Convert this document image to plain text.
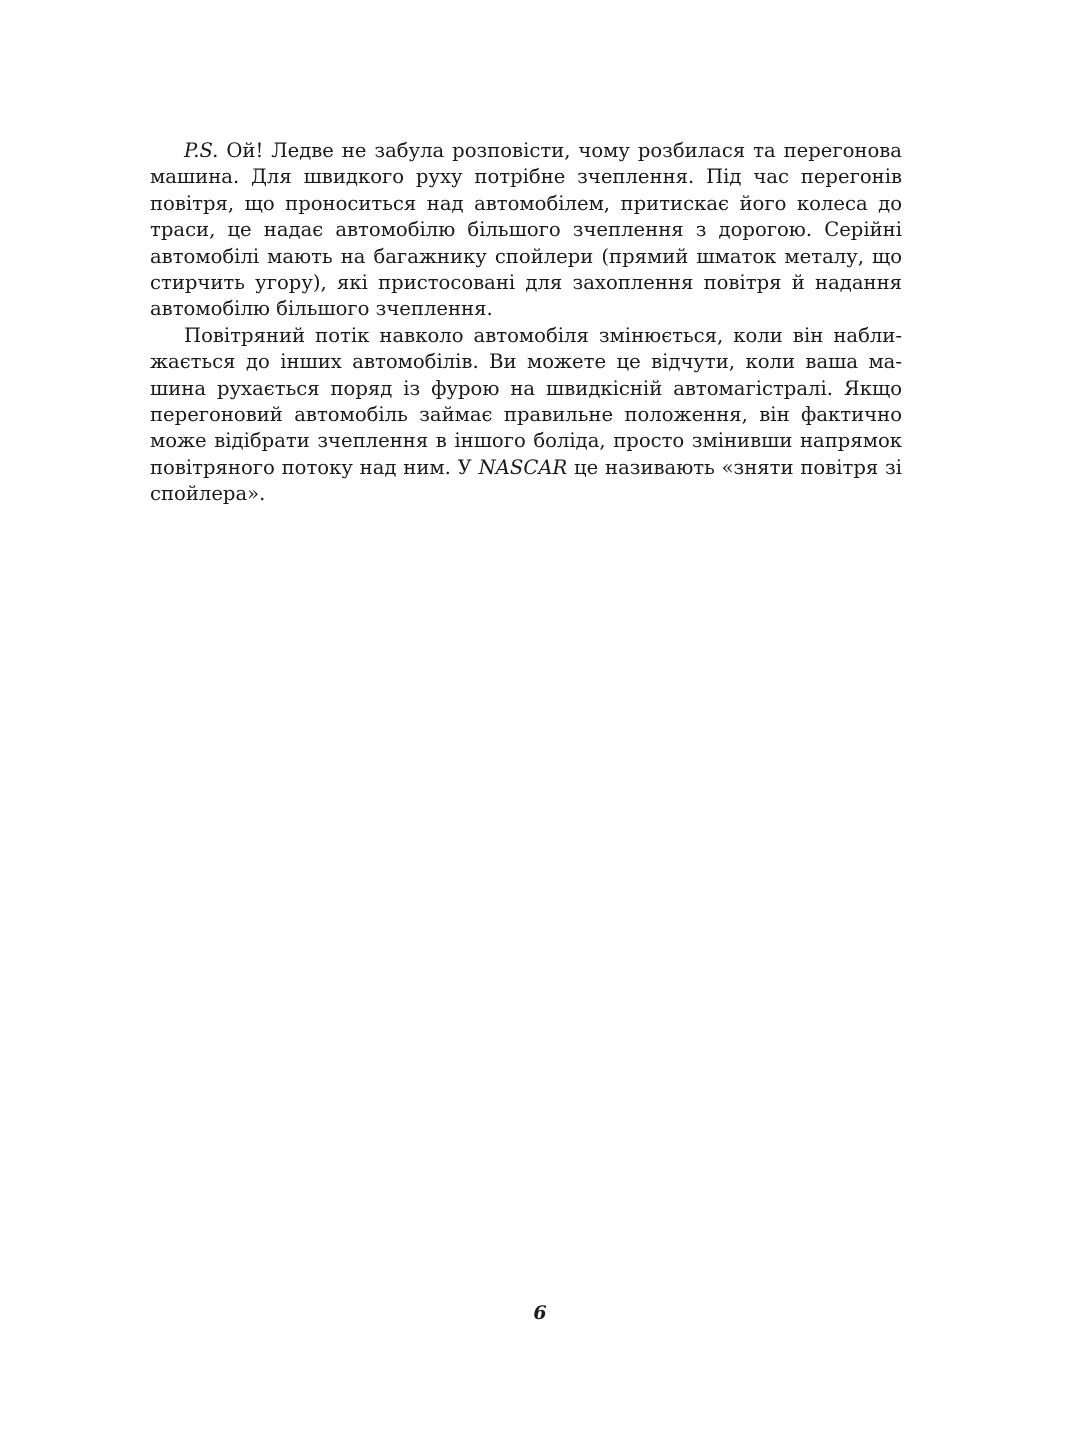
P.S. Ой! Ледве не забула розповісти, чому розбилася та перегонова машина. Для швидкого руху потрібне зчеплення. Під час перегонів повітря, що проноситься над автомобілем, притискає його колеса до траси, це надає автомобілю більшого зчеплення з дорогою. Серійні автомобілі мають на багажнику спойлери (прямий шматок металу, що стирчить угору), які пристосовані для захоплення повітря й надання автомобілю більшого зчеплення.

Повітряний потік навколо автомобіля змінюється, коли він наближається до інших автомобілів. Ви можете це відчути, коли ваша машина рухається поряд із фурою на швидкісній автомагістралі. Якщо перегоновий автомобіль займає правильне положення, він фактично може відібрати зчеплення в іншого боліда, просто змінивши напрямок повітряного потоку над ним. У NASCAR це називають «зняти повітря зі спойлера».

6
